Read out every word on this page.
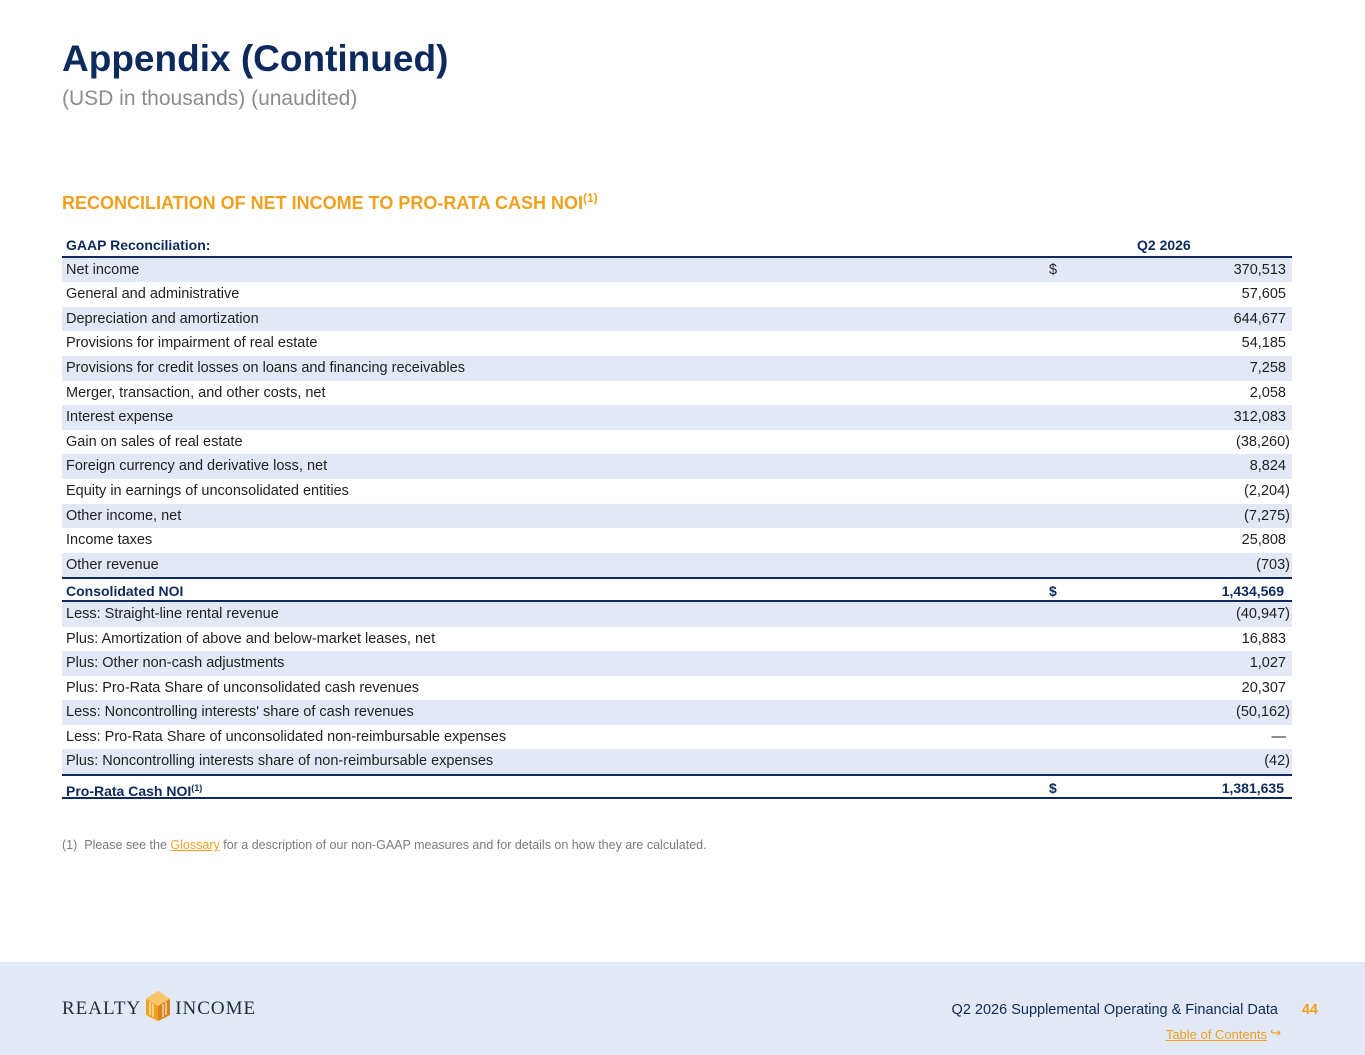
Appendix (Continued)
(USD in thousands) (unaudited)
RECONCILIATION OF NET INCOME TO PRO-RATA CASH NOI$^{(1)}$
GAAP Reconciliation:	Q2 2026
Net income	$	370,513
General and administrative	57,605
Depreciation and amortization	644,677
Provisions for impairment of real estate	54,185
Provisions for credit losses on loans and financing receivables	7,258
Merger, transaction, and other costs, net	2,058
Interest expense	312,083
Gain on sales of real estate	(38,260)
Foreign currency and derivative loss, net	8,824
Equity in earnings of unconsolidated entities	(2,204)
Other income, net	(7,275)
Income taxes	25,808
Other revenue	(703)
Consolidated NOI	$	1,434,569
Less: Straight-line rental revenue	(40,947)
Plus: Amortization of above and below-market leases, net	16,883
Plus: Other non-cash adjustments	1,027
Plus: Pro-Rata Share of unconsolidated cash revenues	20,307
Less: Noncontrolling interests' share of cash revenues	(50,162)
Less: Pro-Rata Share of unconsolidated non-reimbursable expenses	—
Plus: Noncontrolling interests share of non-reimbursable expenses	(42)
Pro-Rata Cash NOI$^{(1)}$	$	1,381,635
(1) Please see the Glossary for a description of our non-GAAP measures and for details on how they are calculated.
REALTY INCOME	Q2 2026 Supplemental Operating & Financial Data 44
Table of Contents ↪
